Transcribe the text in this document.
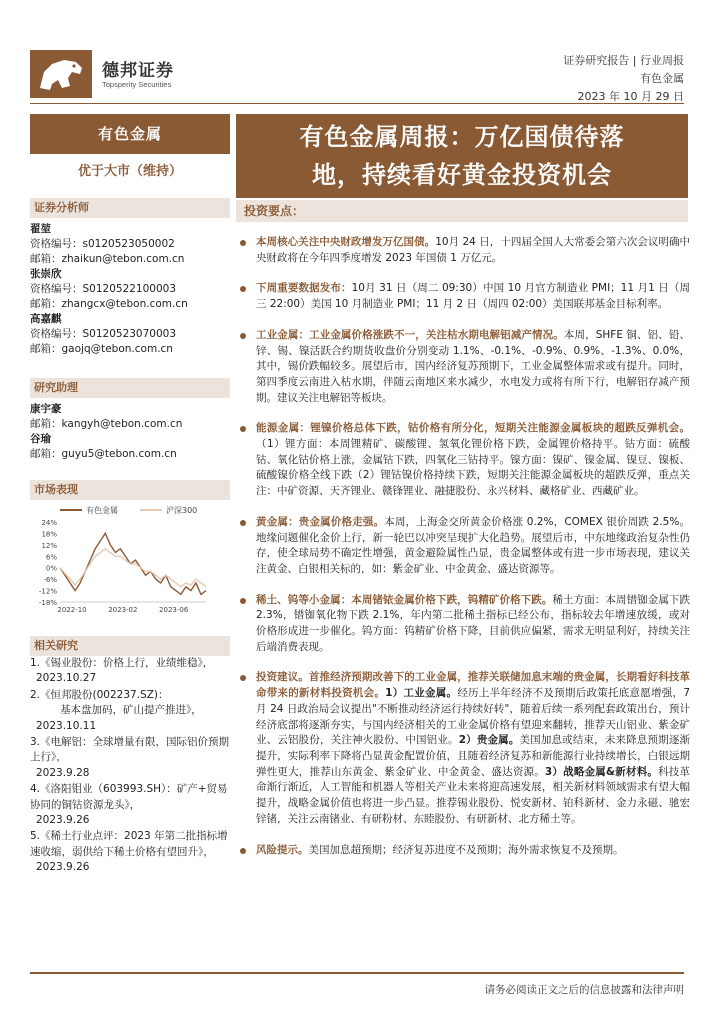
德邦证券
Topsperity Securities
证券研究报告 | 行业周报
有色金属
2023 年 10 月 29 日
有色金属
优于大市（维持）
有色金属周报：万亿国债待落
地，持续看好黄金投资机会
证券分析师
翟堃
资格编号：s0120523050002
邮箱：zhaikun@tebon.com.cn
张崇欣
资格编号：S0120522100003
邮箱：zhangcx@tebon.com.cn
高嘉麒
资格编号：S0120523070003
邮箱：gaojq@tebon.com.cn
研究助理
康宇豪
邮箱：kangyh@tebon.com.cn
谷瑜
邮箱：guyu5@tebon.com.cn
市场表现
有色金属	沪深300
24%
18%
12%
6%
0%
-6%
-12%
-18%
2022-10	2023-02	2023-06
相关研究
1.《锡业股份：价格上行，业绩维稳》，
2023.10.27
2.《恒邦股份(002237.SZ)：
基本盘加码，矿山提产推进》，
2023.10.11
3.《电解铝：全球增量有限，国际铝价预期上行》，
2023.9.28
4.《洛阳钼业（603993.SH）：矿产+贸易协同的铜钴资源龙头》，
2023.9.26
5.《稀土行业点评：2023 年第二批指标增速收缩，弱供给下稀土价格有望回升》，
2023.9.26
投资要点：
本周核心关注中央财政增发万亿国债。10月 24 日，十四届全国人大常委会第六次会议明确中央财政将在今年四季度增发 2023 年国债 1 万亿元。
下周重要数据发布：10月 31 日（周二 09:30）中国 10 月官方制造业 PMI；11 月1 日（周三 22:00）美国 10 月制造业 PMI；11 月 2 日（周四 02:00）美国联邦基金目标利率。
工业金属：工业金属价格涨跌不一，关注枯水期电解铝减产情况。本周，SHFE 铜、铝、铅、锌、锡、镍活跃合约期货收盘价分别变动 1.1%、-0.1%、-0.9%、0.9%、-1.3%、0.0%，其中，锡价跌幅较多。展望后市，国内经济复苏预期下，工业金属整体需求或有提升。同时，第四季度云南进入枯水期，伴随云南地区来水减少，水电发力或将有所下行，电解铝存减产预期。建议关注电解铝等板块。
能源金属：锂镍价格总体下跌，钴价格有所分化，短期关注能源金属板块的超跌反弹机会。（1）锂方面：本周锂精矿、碳酸锂、氢氧化锂价格下跌，金属锂价格持平。钴方面：硫酸钴、氧化钴价格上涨，金属钴下跌，四氧化三钴持平。镍方面：镍矿、镍金属、镍豆、镍板、硫酸镍价格全线下跌（2）锂钴镍价格持续下跌，短期关注能源金属板块的超跌反弹，重点关注：中矿资源、天齐锂业、赣锋锂业、融捷股份、永兴材料、藏格矿业、西藏矿业。
黄金属：贵金属价格走强。本周，上海金交所黄金价格涨 0.2%，COMEX 银价周跌 2.5%。地缘问题催化金价上行，新一轮巴以冲突呈现扩大化趋势。展望后市，中东地缘政治复杂性仍存，使全球局势不确定性增强，黄金避险属性凸显，贵金属整体或有进一步市场表现，建议关注黄金、白银相关标的，如：紫金矿业、中金黄金、盛达资源等。
稀土、钨等小金属：本周锗铱金属价格下跌，钨精矿价格下跌。稀土方面：本周镨铷金属下跌 2.3%，镨铷氧化物下跌 2.1%，年内第二批稀土指标已经公布，指标较去年增速放缓，或对价格形成进一步催化。钨方面：钨精矿价格下降，目前供应偏紧，需求无明显利好，持续关注后端消费表现。
投资建议。首推经济预期改善下的工业金属，推荐关联储加息末端的贵金属，长期看好科技革命带来的新材料投资机会。1）工业金属。经历上半年经济不及预期后政策托底意愿增强，7 月 24 日政治局会议提出"不断推动经济运行持续好转"，随着后续一系列配套政策出台，预计经济底部将逐渐夯实，与国内经济相关的工业金属价格有望迎来翻转，推荐天山铝业、紫金矿业、云铝股份，关注神火股份、中国铝业。2）贵金属。美国加息或结束，未来降息预期逐渐提升，实际利率下降将凸显黄金配置价值，且随着经济复苏和新能源行业持续增长，白银远期弹性更大，推荐山东黄金、紫金矿业、中金黄金、盛达资源。3）战略金属&新材料。科技革命渐行渐近，人工智能和机器人等相关产业未来将迎高速发展，相关新材料领域需求有望大幅提升，战略金属价值也将进一步凸显。推荐锡业股份、悦安新材、铂科新材、金力永磁、驰宏锌锗，关注云南锗业、有研粉材、东睦股份、有研新材、北方稀土等。
风险提示。美国加息超预期；经济复苏进度不及预期；海外需求恢复不及预期。
请务必阅读正文之后的信息披露和法律声明
